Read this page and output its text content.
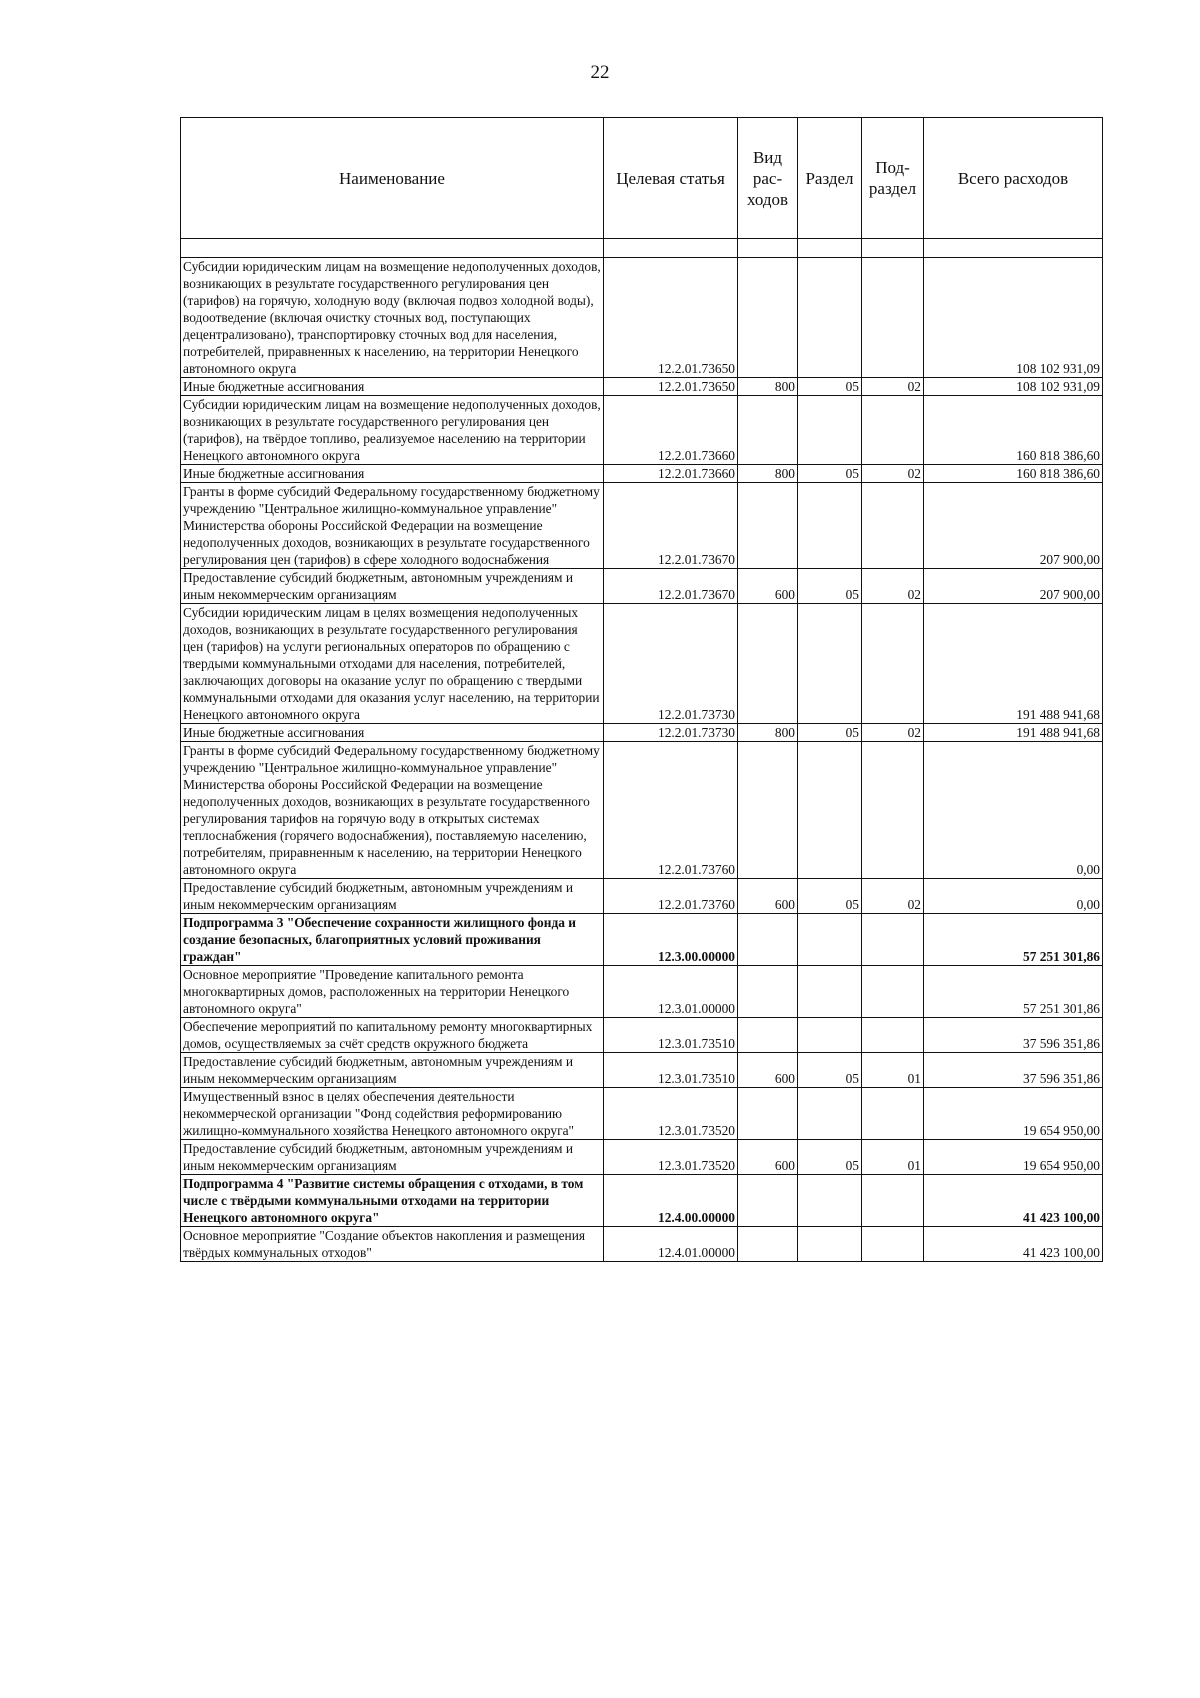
22
Наименование	Целевая статья	Вид рас-ходов	Раздел	Под-раздел	Всего расходов

Субсидии юридическим лицам на возмещение недополученных доходов, возникающих в результате государственного регулирования цен (тарифов) на горячую, холодную воду (включая подвоз холодной воды), водоотведение (включая очистку сточных вод, поступающих децентрализовано), транспортировку сточных вод для населения, потребителей, приравненных к населению, на территории Ненецкого автономного округа	12.2.01.73650				108 102 931,09
Иные бюджетные ассигнования	12.2.01.73650	800	05	02	108 102 931,09
Субсидии юридическим лицам на возмещение недополученных доходов, возникающих в результате государственного регулирования цен (тарифов), на твёрдое топливо, реализуемое населению на территории Ненецкого автономного округа	12.2.01.73660				160 818 386,60
Иные бюджетные ассигнования	12.2.01.73660	800	05	02	160 818 386,60
Гранты в форме субсидий Федеральному государственному бюджетному учреждению "Центральное жилищно-коммунальное управление" Министерства обороны Российской Федерации на возмещение недополученных доходов, возникающих в результате государственного регулирования цен (тарифов) в сфере холодного водоснабжения	12.2.01.73670				207 900,00
Предоставление субсидий бюджетным, автономным учреждениям и иным некоммерческим организациям	12.2.01.73670	600	05	02	207 900,00
Субсидии юридическим лицам в целях возмещения недополученных доходов, возникающих в результате государственного регулирования цен (тарифов) на услуги региональных операторов по обращению с твердыми коммунальными отходами для населения, потребителей, заключающих договоры на оказание услуг по обращению с твердыми коммунальными отходами для оказания услуг населению, на территории Ненецкого автономного округа	12.2.01.73730				191 488 941,68
Иные бюджетные ассигнования	12.2.01.73730	800	05	02	191 488 941,68
Гранты в форме субсидий Федеральному государственному бюджетному учреждению "Центральное жилищно-коммунальное управление" Министерства обороны Российской Федерации на возмещение недополученных доходов, возникающих в результате государственного регулирования тарифов на горячую воду в открытых системах теплоснабжения (горячего водоснабжения), поставляемую населению, потребителям, приравненным к населению, на территории Ненецкого автономного округа	12.2.01.73760				0,00
Предоставление субсидий бюджетным, автономным учреждениям и иным некоммерческим организациям	12.2.01.73760	600	05	02	0,00
Подпрограмма 3 "Обеспечение сохранности жилищного фонда и создание безопасных, благоприятных условий проживания граждан"	12.3.00.00000				57 251 301,86
Основное мероприятие "Проведение капитального ремонта многоквартирных домов, расположенных на территории Ненецкого автономного округа"	12.3.01.00000				57 251 301,86
Обеспечение мероприятий по капитальному ремонту многоквартирных домов, осуществляемых за счёт средств окружного бюджета	12.3.01.73510				37 596 351,86
Предоставление субсидий бюджетным, автономным учреждениям и иным некоммерческим организациям	12.3.01.73510	600	05	01	37 596 351,86
Имущественный взнос в целях обеспечения деятельности некоммерческой организации "Фонд содействия реформированию жилищно-коммунального хозяйства Ненецкого автономного округа"	12.3.01.73520				19 654 950,00
Предоставление субсидий бюджетным, автономным учреждениям и иным некоммерческим организациям	12.3.01.73520	600	05	01	19 654 950,00
Подпрограмма 4 "Развитие системы обращения с отходами, в том числе с твёрдыми коммунальными отходами на территории Ненецкого автономного округа"	12.4.00.00000				41 423 100,00
Основное мероприятие "Создание объектов накопления и размещения твёрдых коммунальных отходов"	12.4.01.00000				41 423 100,00
